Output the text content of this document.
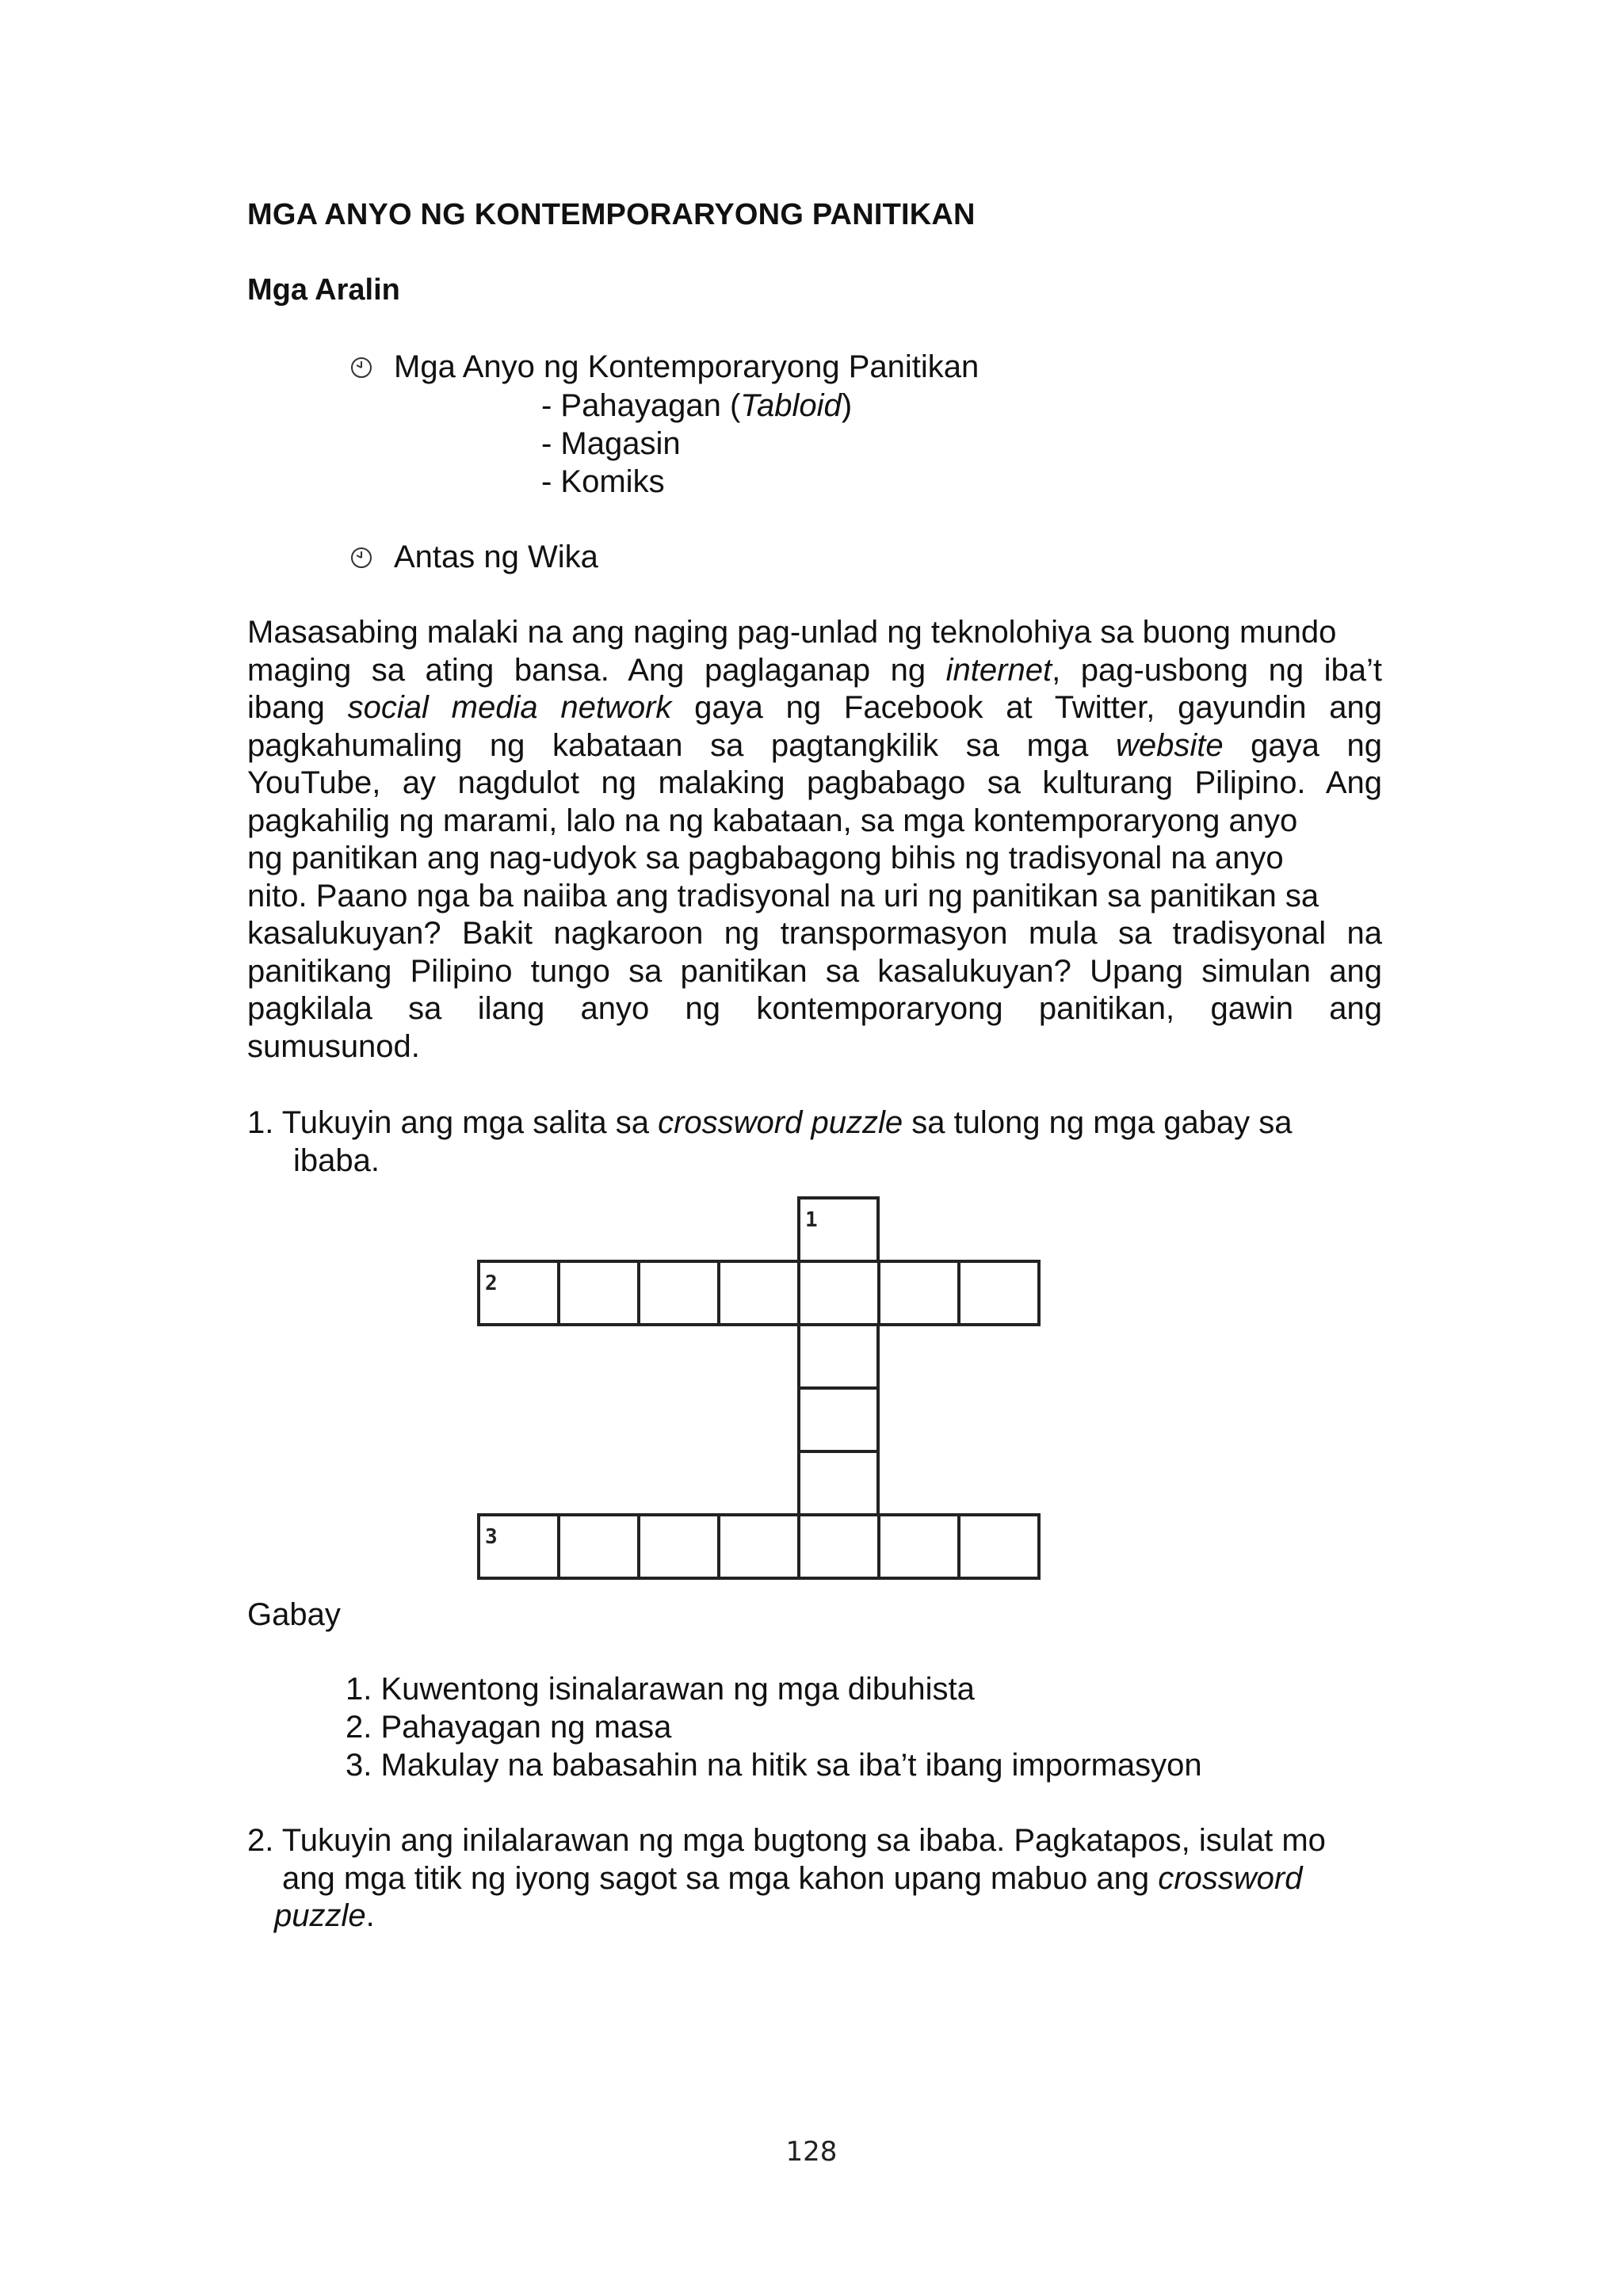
MGA ANYO NG KONTEMPORARYONG PANITIKAN
Mga Aralin
Mga Anyo ng Kontemporaryong Panitikan
- Pahayagan (Tabloid)
- Magasin
- Komiks
Antas ng Wika
Masasabing malaki na ang naging pag-unlad ng teknolohiya sa buong mundo
maging sa ating bansa. Ang paglaganap ng internet, pag-usbong ng iba’t
ibang social media network gaya ng Facebook at Twitter, gayundin ang
pagkahumaling ng kabataan sa pagtangkilik sa mga website gaya ng
YouTube, ay nagdulot ng malaking pagbabago sa kulturang Pilipino. Ang
pagkahilig ng marami, lalo na ng kabataan, sa mga kontemporaryong anyo
ng panitikan ang nag-udyok sa pagbabagong bihis ng tradisyonal na anyo
nito. Paano nga ba naiiba ang tradisyonal na uri ng panitikan sa panitikan sa
kasalukuyan? Bakit nagkaroon ng transpormasyon mula sa tradisyonal na
panitikang Pilipino tungo sa panitikan sa kasalukuyan? Upang simulan ang
pagkilala sa ilang anyo ng kontemporaryong panitikan, gawin ang
sumusunod.
1. Tukuyin ang mga salita sa crossword puzzle sa tulong ng mga gabay sa
ibaba.
1
2
3
Gabay
1. Kuwentong isinalarawan ng mga dibuhista
2. Pahayagan ng masa
3. Makulay na babasahin na hitik sa iba’t ibang impormasyon
2. Tukuyin ang inilalarawan ng mga bugtong sa ibaba. Pagkatapos, isulat mo
ang mga titik ng iyong sagot sa mga kahon upang mabuo ang crossword
puzzle.
128
